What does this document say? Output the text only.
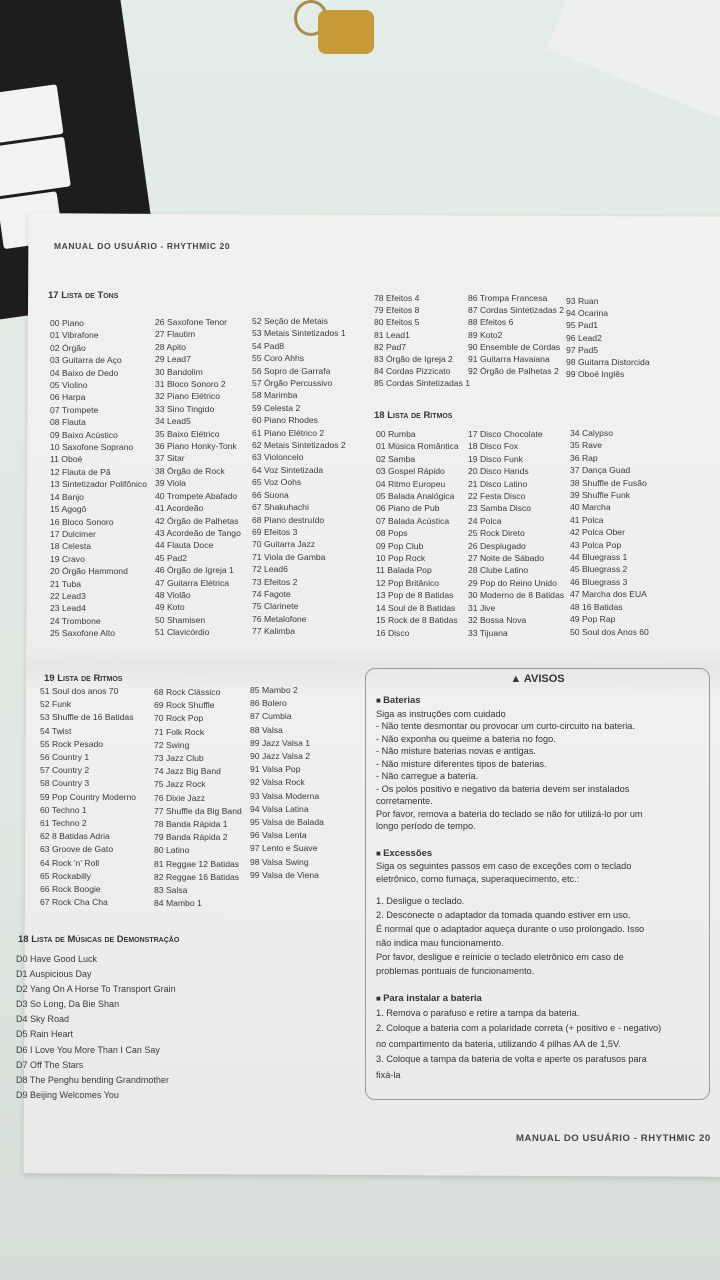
MANUAL DO USUÁRIO - RHYTHMIC 20
17 Lista de Tons
00 Piano
01 Vibrafone
02 Órgão
03 Guitarra de Aço
04 Baixo de Dedo
05 Violino
06 Harpa
07 Trompete
08 Flauta
09 Baixo Acústico
10 Saxofone Soprano
11 Oboé
12 Flauta de Pã
13 Sintetizador Polifônico
14 Banjo
15 Agogô
16 Bloco Sonoro
17 Dulcimer
18 Celesta
19 Cravo
20 Órgão Hammond
21 Tuba
22 Lead3
23 Lead4
24 Trombone
25 Saxofone Alto
26 Saxofone Tenor
27 Flautim
28 Apito
29 Lead7
30 Bandolim
31 Bloco Sonoro 2
32 Piano Elétrico
33 Sino Tingido
34 Lead5
35 Baixo Elétrico
36 Piano Honky-Tonk
37 Sitar
38 Órgão de Rock
39 Viola
40 Trompete Abafado
41 Acordeão
42 Órgão de Palhetas
43 Acordeão de Tango
44 Flauta Doce
45 Pad2
46 Órgão de Igreja 1
47 Guitarra Elétrica
48 Violão
49 Koto
50 Shamisen
51 Clavicórdio
52 Seção de Metais
53 Metais Sintetizados 1
54 Pad8
55 Coro Ahhs
56 Sopro de Garrafa
57 Órgão Percussivo
58 Marimba
59 Celesta 2
60 Piano Rhodes
61 Piano Elétrico 2
62 Metais Sintetizados 2
63 Violoncelo
64 Voz Sintetizada
65 Voz Oohs
66 Suona
67 Shakuhachi
68 Piano destruído
69 Efeitos 3
70 Guitarra Jazz
71 Viola de Gamba
72 Lead6
73 Efeitos 2
74 Fagote
75 Clarinete
76 Metalofone
77 Kalimba
78 Efeitos 4
79 Efeitos 8
80 Efeitos 5
81 Lead1
82 Pad7
83 Órgão de Igreja 2
84 Cordas Pizzicato
85 Cordas Sintetizadas 1
86 Trompa Francesa
87 Cordas Sintetizadas 2
88 Efeitos 6
89 Koto2
90 Ensemble de Cordas
91 Guitarra Havaiana
92 Órgão de Palhetas 2
93 Ruan
94 Ocarina
95 Pad1
96 Lead2
97 Pad5
98 Guitarra Distorcida
99 Oboé Inglês
18 Lista de Ritmos
00 Rumba
01 Música Romântica
02 Samba
03 Gospel Rápido
04 Ritmo Europeu
05 Balada Analógica
06 Piano de Pub
07 Balada Acústica
08 Pops
09 Pop Club
10 Pop Rock
11 Balada Pop
12 Pop Britânico
13 Pop de 8 Batidas
14 Soul de 8 Batidas
15 Rock de 8 Batidas
16 Disco
17 Disco Chocolate
18 Disco Fox
19 Disco Funk
20 Disco Hands
21 Disco Latino
22 Festa Disco
23 Samba Disco
24 Polca
25 Rock Direto
26 Desplugado
27 Noite de Sábado
28 Clube Latino
29 Pop do Reino Unido
30 Moderno de 8 Batidas
31 Jive
32 Bossa Nova
33 Tijuana
34 Calypso
35 Rave
36 Rap
37 Dança Guad
38 Shuffle de Fusão
39 Shuffle Funk
40 Marcha
41 Polca
42 Polca Ober
43 Polca Pop
44 Bluegrass 1
45 Bluegrass 2
46 Bluegrass 3
47 Marcha dos EUA
48 16 Batidas
49 Pop Rap
50 Soul dos Anos 60
19 Lista de Ritmos
51 Soul dos anos 70
52 Funk
53 Shuffle de 16 Batidas
54 Twist
55 Rock Pesado
56 Country 1
57 Country 2
58 Country 3
59 Pop Country Moderno
60 Techno 1
61 Techno 2
62 8 Batidas Adria
63 Groove de Gato
64 Rock 'n' Roll
65 Rockabilly
66 Rock Boogie
67 Rock Cha Cha
68 Rock Clássico
69 Rock Shuffle
70 Rock Pop
71 Folk Rock
72 Swing
73 Jazz Club
74 Jazz Big Band
75 Jazz Rock
76 Dixie Jazz
77 Shuffle da Big Band
78 Banda Rápida 1
79 Banda Rápida 2
80 Latino
81 Reggae 12 Batidas
82 Reggae 16 Batidas
83 Salsa
84 Mambo 1
85 Mambo 2
86 Bolero
87 Cumbia
88 Valsa
89 Jazz Valsa 1
90 Jazz Valsa 2
91 Valsa Pop
92 Valsa Rock
93 Valsa Moderna
94 Valsa Latina
95 Valsa de Balada
96 Valsa Lenta
97 Lento e Suave
98 Valsa Swing
99 Valsa de Viena
18 Lista de Músicas de Demonstração
D0 Have Good Luck
D1 Auspicious Day
D2 Yang On A Horse To Transport Grain
D3 So Long, Da Bie Shan
D4 Sky Road
D5 Rain Heart
D6 I Love You More Than I Can Say
D7 Off The Stars
D8 The Penghu bending Grandmother
D9 Beijing Welcomes You
▲ AVISOS
■ Baterias
Siga as instruções com cuidado
- Não tente desmontar ou provocar um curto-circuito na bateria.
- Não exponha ou queime a bateria no fogo.
- Não misture baterias novas e antigas.
- Não misture diferentes tipos de baterias.
- Não carregue a bateria.
- Os polos positivo e negativo da bateria devem ser instalados
corretamente.
Por favor, remova a bateria do teclado se não for utilizá-lo por um
longo período de tempo.
■ Excessões
Siga os seguintes passos em caso de exceções com o teclado
eletrônico, como fumaça, superaquecimento, etc.:
1. Desligue o teclado.
2. Desconecte o adaptador da tomada quando estiver em uso.
É normal que o adaptador aqueça durante o uso prolongado. Isso
não indica mau funcionamento.
Por favor, desligue e reinicie o teclado eletrônico em caso de
problemas pontuais de funcionamento.
■ Para instalar a bateria
1. Remova o parafuso e retire a tampa da bateria.
2. Coloque a bateria com a polaridade correta (+ positivo e - negativo)
no compartimento da bateria, utilizando 4 pilhas AA de 1,5V.
3. Coloque a tampa da bateria de volta e aperte os parafusos para
fixá-la
MANUAL DO USUÁRIO - RHYTHMIC 20
